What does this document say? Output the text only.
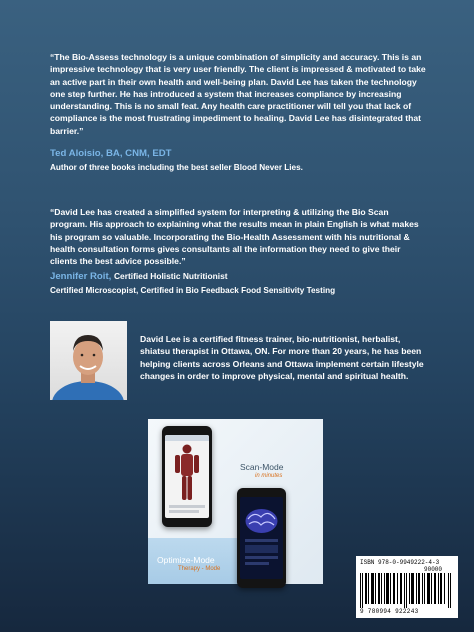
“The Bio-Assess technology is a unique combination of simplicity and accuracy. This is an impressive technology that is very user friendly. The client is impressed & motivated to take an active part in their own health and well-being plan. David Lee has taken the technology one step further. He has introduced a system that increases compliance by increasing understanding. This is no small feat. Any health care practitioner will tell you that lack of compliance is the most frustrating impediment to healing. David Lee has disintegrated that barrier.”

Ted Aloisio, BA, CNM, EDT
Author of three books including the best seller Blood Never Lies.

“David Lee has created a simplified system for interpreting & utilizing the Bio Scan program. His approach to explaining what the results mean in plain English is what makes his program so valuable. Incorporating the Bio-Health Assessment with his nutritional & health consultation forms gives consultants all the information they need to give their clients the best advice possible.”

Jennifer Roit, Certified Holistic Nutritionist
Certified Microscopist, Certified in Bio Feedback Food Sensitivity Testing

David Lee is a certified fitness trainer, bio-nutritionist, herbalist, shiatsu therapist in Ottawa, ON. For more than 20 years, he has been helping clients across Orleans and Ottawa implement certain lifestyle changes in order to improve physical, mental and spiritual health.

Scan-Mode
in minutes
Optimize-Mode
Therapy - Mode
ISBN 978-0-9949222-4-3
90000
9 780994 922243
